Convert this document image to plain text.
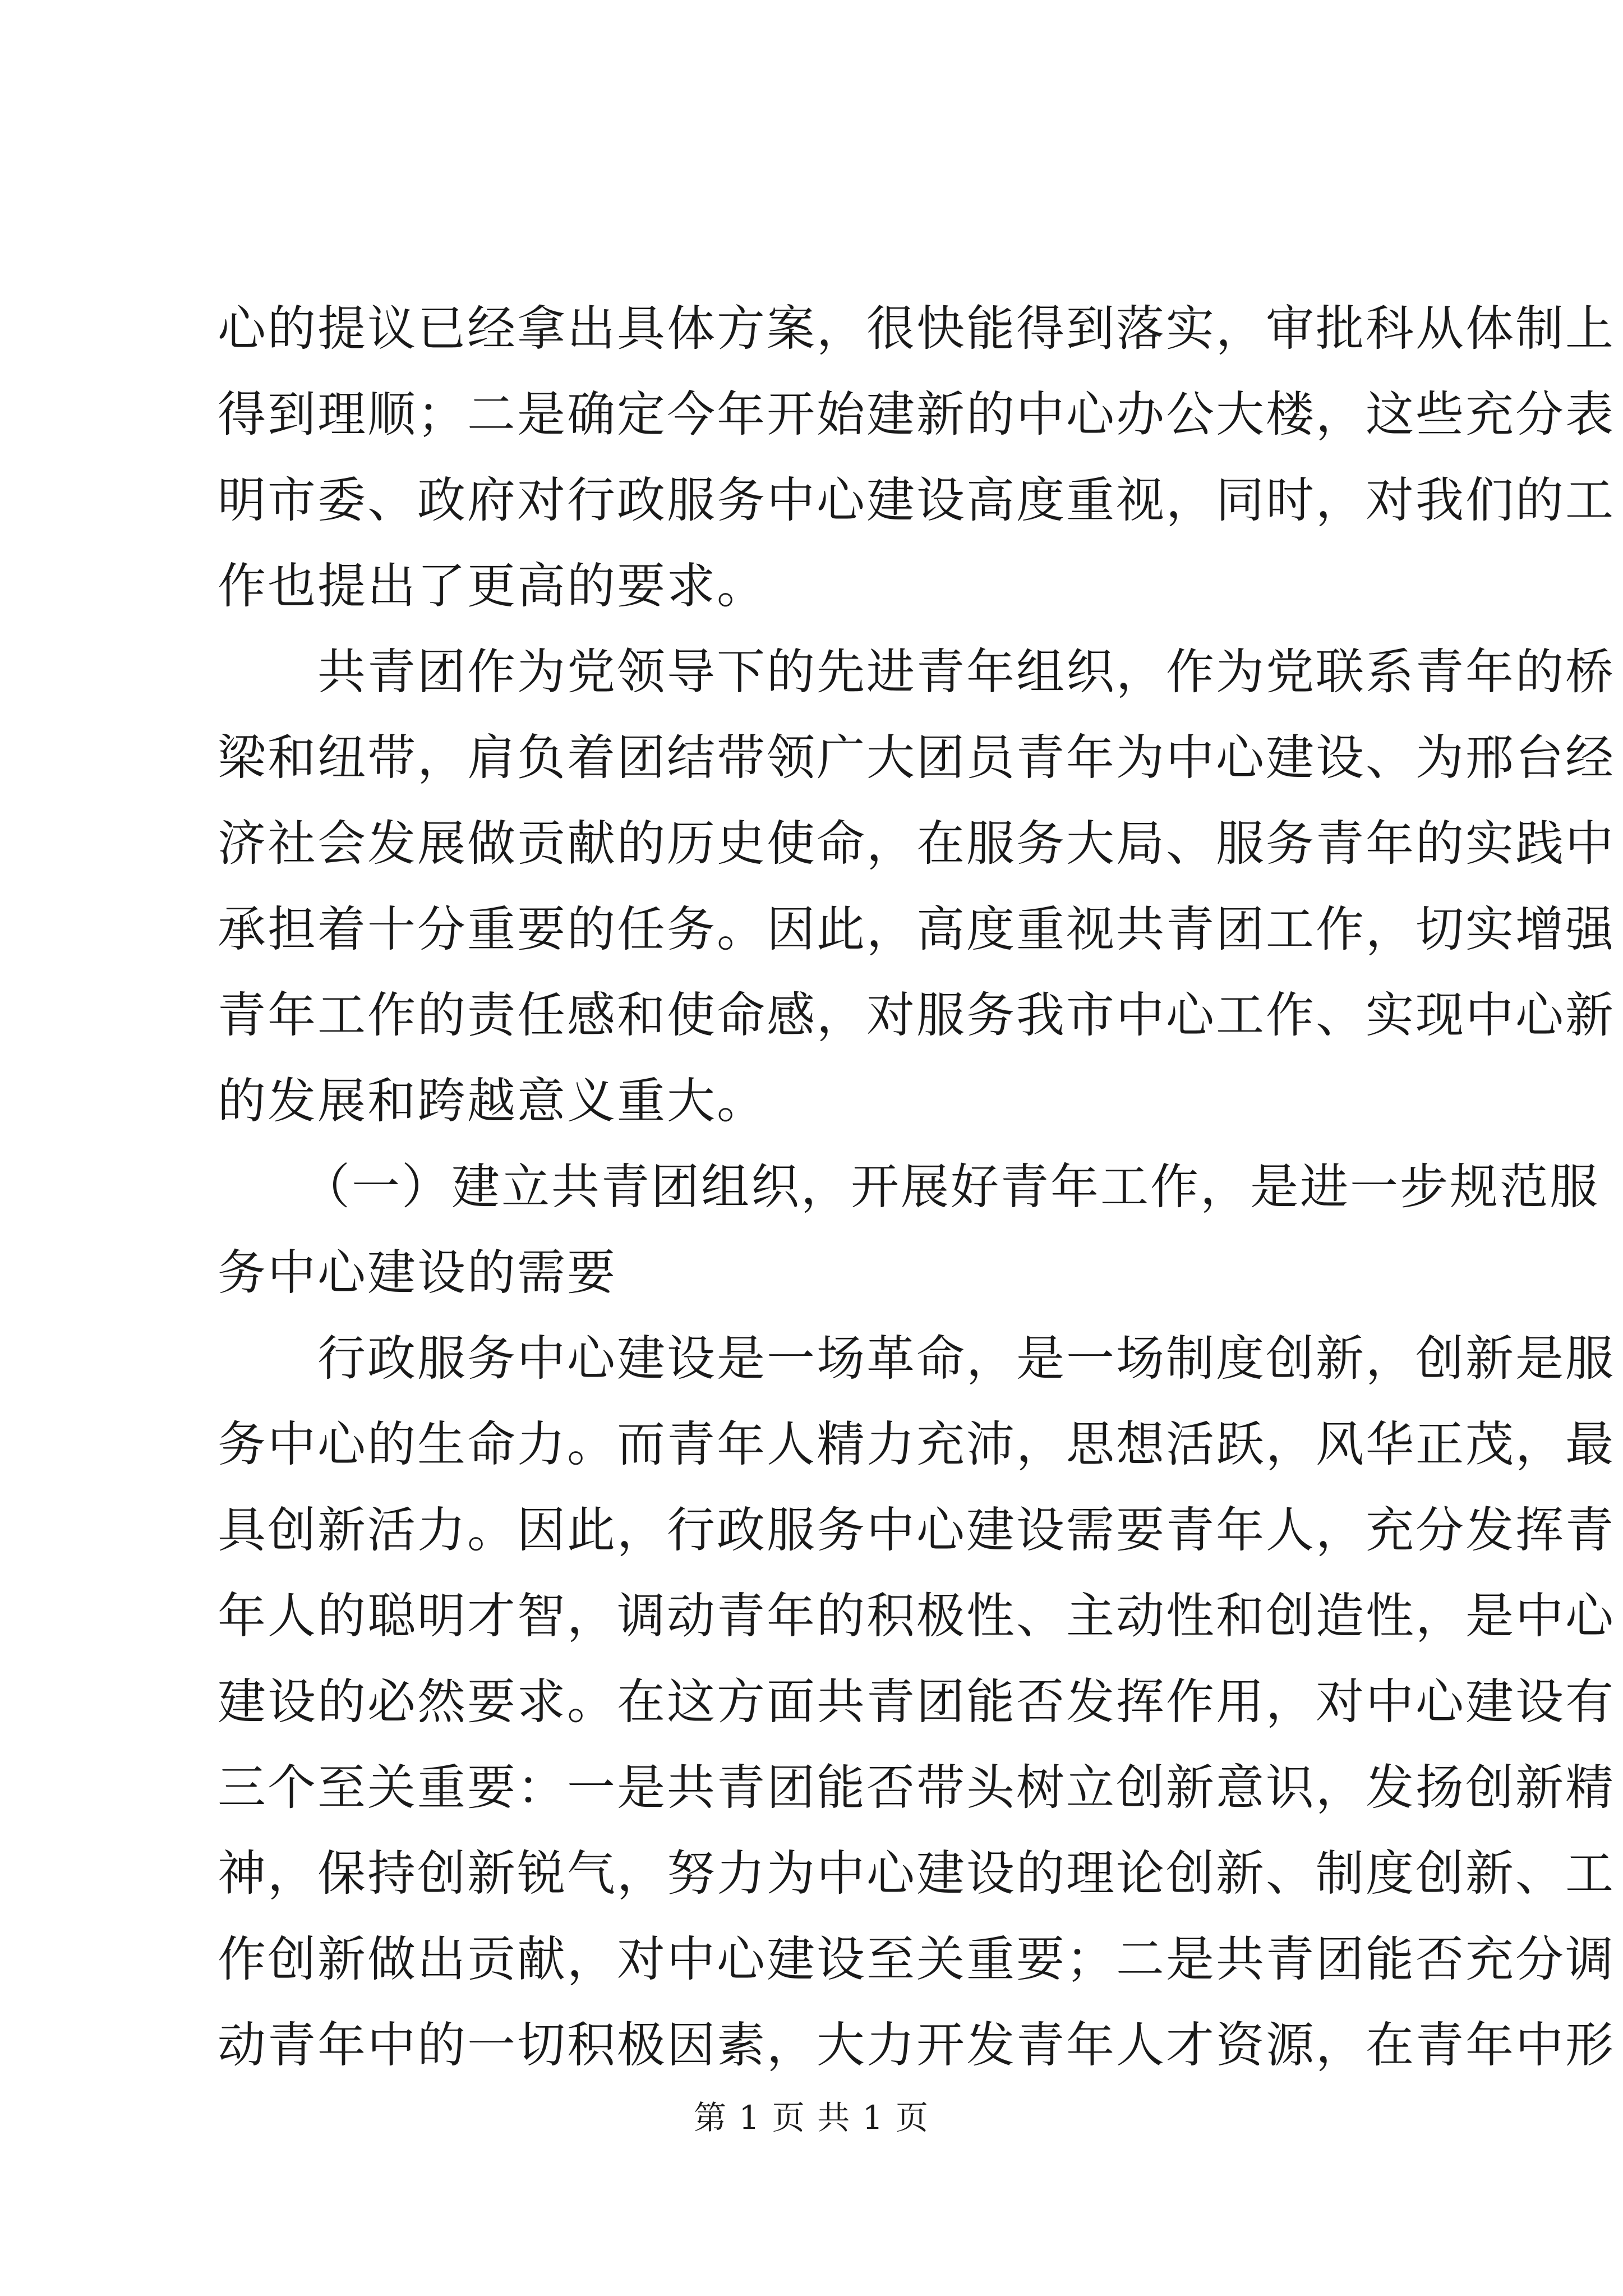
心的提议已经拿出具体方案，很快能得到落实，审批科从体制上
得到理顺；二是确定今年开始建新的中心办公大楼，这些充分表
明市委、政府对行政服务中心建设高度重视，同时，对我们的工
作也提出了更高的要求。
共青团作为党领导下的先进青年组织，作为党联系青年的桥
梁和纽带，肩负着团结带领广大团员青年为中心建设、为邢台经
济社会发展做贡献的历史使命，在服务大局、服务青年的实践中
承担着十分重要的任务。因此，高度重视共青团工作，切实增强
青年工作的责任感和使命感，对服务我市中心工作、实现中心新
的发展和跨越意义重大。
（一）建立共青团组织，开展好青年工作，是进一步规范服
务中心建设的需要
行政服务中心建设是一场革命，是一场制度创新，创新是服
务中心的生命力。而青年人精力充沛，思想活跃，风华正茂，最
具创新活力。因此，行政服务中心建设需要青年人，充分发挥青
年人的聪明才智，调动青年的积极性、主动性和创造性，是中心
建设的必然要求。在这方面共青团能否发挥作用，对中心建设有
三个至关重要：一是共青团能否带头树立创新意识，发扬创新精
神，保持创新锐气，努力为中心建设的理论创新、制度创新、工
作创新做出贡献，对中心建设至关重要；二是共青团能否充分调
动青年中的一切积极因素，大力开发青年人才资源，在青年中形
第 1 页 共 1 页
